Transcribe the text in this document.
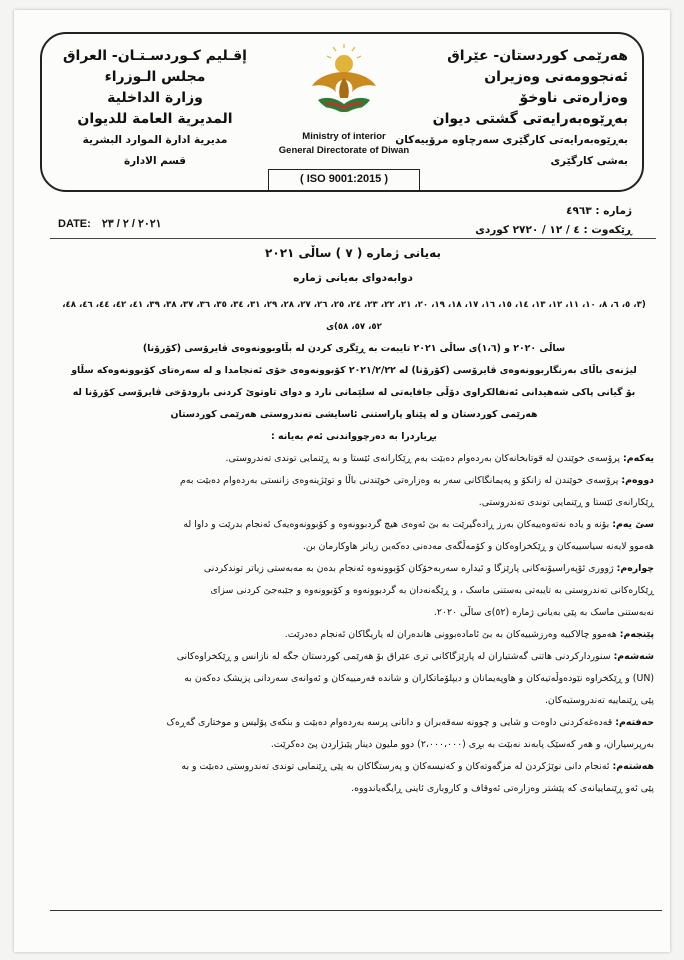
هەرێمی کوردستان- عێراق
ئەنجوومەنی وەزیران
وەزارەتی ناوخۆ
بەڕێوەبەرایەتی گشتی دیوان
بەڕێوەبەرایەتی کارگێری سەرچاوە مرۆییەکان
بەشی کارگێری
Ministry of interior
General Directorate of Diwan
( ISO 9001:2015 )
إقـليم كـوردسـتـان- العراق
مجلس الـوزراء
وزارة الداخلية
المديرية العامة للديوان
مديرية ادارة الموارد البشرية
قسم الادارة
ژمارە : ٤٩٦٣
ڕێکەوت : ٤ / ١٢ / ٢٧٢٠ کوردی
DATE: ٢٠٢١ / ٢ / ٢٣
بەیانی ژمارە ( ٧ ) ساڵی ٢٠٢١
دوابەدوای بەیانی ژمارە

(٣، ٥، ٦، ٨، ١٠، ١١، ١٢، ١٣، ١٤، ١٥، ١٦، ١٧، ١٨، ١٩، ٢٠، ٢١، ٢٢، ٢٣، ٢٤، ٢٥، ٢٦، ٢٧، ٢٨، ٢٩، ٣١، ٣٤، ٣٥، ٣٦، ٣٧، ٣٨، ٣٩، ٤١، ٤٢، ٤٤، ٤٦، ٤٨، ٥٢، ٥٧، ٥٨)ی

ساڵی ٢٠٢٠ و (١،٦)ی ساڵی ٢٠٢١ تایبەت بە ڕێگری کردن لە بڵاوبوونەوەی ڤایرۆسی (کۆرۆنا)

لیژنەی باڵای بەرنگاربوونەوەی ڤایرۆسی (کۆرۆنا) لە ٢٠٢١/٢/٢٢ کۆبوونەوەی خۆی ئەنجامدا و لە سەرەتای کۆبوونەوەکە سڵاو

بۆ گیانی پاکی شەهیدانی ئەنفالکراوی دۆڵی جافایەتی لە سلێمانی نارد و دوای تاوتوێ کردنی بارودۆخی ڤایرۆسی کۆرۆنا لە

هەرێمی کوردستان و لە پێناو پاراستنی ئاسایشی تەندروستی هەرێمی کوردستان

بڕیاردرا بە دەرچوواندنی ئەم بەیانە :

یەکەم: پرۆسەی خوێندن لە قوتابخانەکان بەردەوام دەبێت بەم ڕێکارانەی ئێستا و بە ڕێنمایی توندی تەندروستی.

دووەم: پرۆسەی خوێندن لە زانکۆ و پەیمانگاکانی سەر بە وەزارەتی خوێندنی باڵا و توێژینەوەی زانستی بەردەوام دەبێت بەم

ڕێکارانەی ئێستا و ڕێنمایی توندی تەندروستی.

سێ یەم: بۆنە و یادە نەتەوەییەکان بەرز ڕادەگیرێت بە بێ ئەوەی هیچ گردبوونەوە و کۆبوونەوەیەک ئەنجام بدرێت و داوا لە

هەموو لایەنە سیاسییەکان و ڕێکخراوەکان و کۆمەڵگەی مەدەنی دەکەین زیاتر هاوکارمان بن.

چوارەم: ژووری ئۆپەراسیۆنەکانی پارێزگا و ئیدارە سەربەخۆکان کۆبوونەوە ئەنجام بدەن بە مەبەستی زیاتر توندکردنی

ڕێکارەکانی تەندروستی بە تایبەتی بەستنی ماسک ، و ڕێگەنەدان بە گردبوونەوە و کۆبوونەوە و جێبەجێ کردنی سزای

نەبەستنی ماسک بە پێی بەیانی ژمارە (٥٢)ی ساڵی ٢٠٢٠.

پێنجەم: هەموو چالاکییە وەرزشییەکان بە بێ ئامادەبوونی هاندەران لە یاریگاکان ئەنجام دەدرێت.

شەشەم: سنوردارکردنی هاتنی گەشتیاران لە پارێزگاکانی تری عێراق بۆ هەرێمی کوردستان جگە لە نازانس و ڕێکخراوەکانی

(UN) و ڕێکخراوە نێودەوڵەتیەکان و هاوپەیمانان و دیپلۆماتکاران و شاندە فەرمییەکان و ئەوانەی سەردانی پزیشک دەکەن بە

پێی ڕێنماییە تەندروستیەکان.

حەفتەم: قەدەغەکردنی داوەت و شایی و چوونە سەقەبران و دانانی پرسە بەردەوام دەبێت و بنکەی پۆلیس و موختاری گەڕەک

بەرپرسیاران، و هەر کەسێک پابەند نەبێت بە بڕی (٢،٠٠٠،٠٠٠) دوو ملیون دینار پێبژاردن پێ دەکرێت.

هەشتەم: ئەنجام دانی نوێژکردن لە مزگەوتەکان و کەنیسەکان و پەرستگاکان بە پێی ڕێنمایی توندی تەندروستی دەبێت و بە

پێی ئەو ڕێنماییانەی کە پێشتر وەزارەتی ئەوقاف و کاروباری ئاینی ڕایگەیاندووە.
